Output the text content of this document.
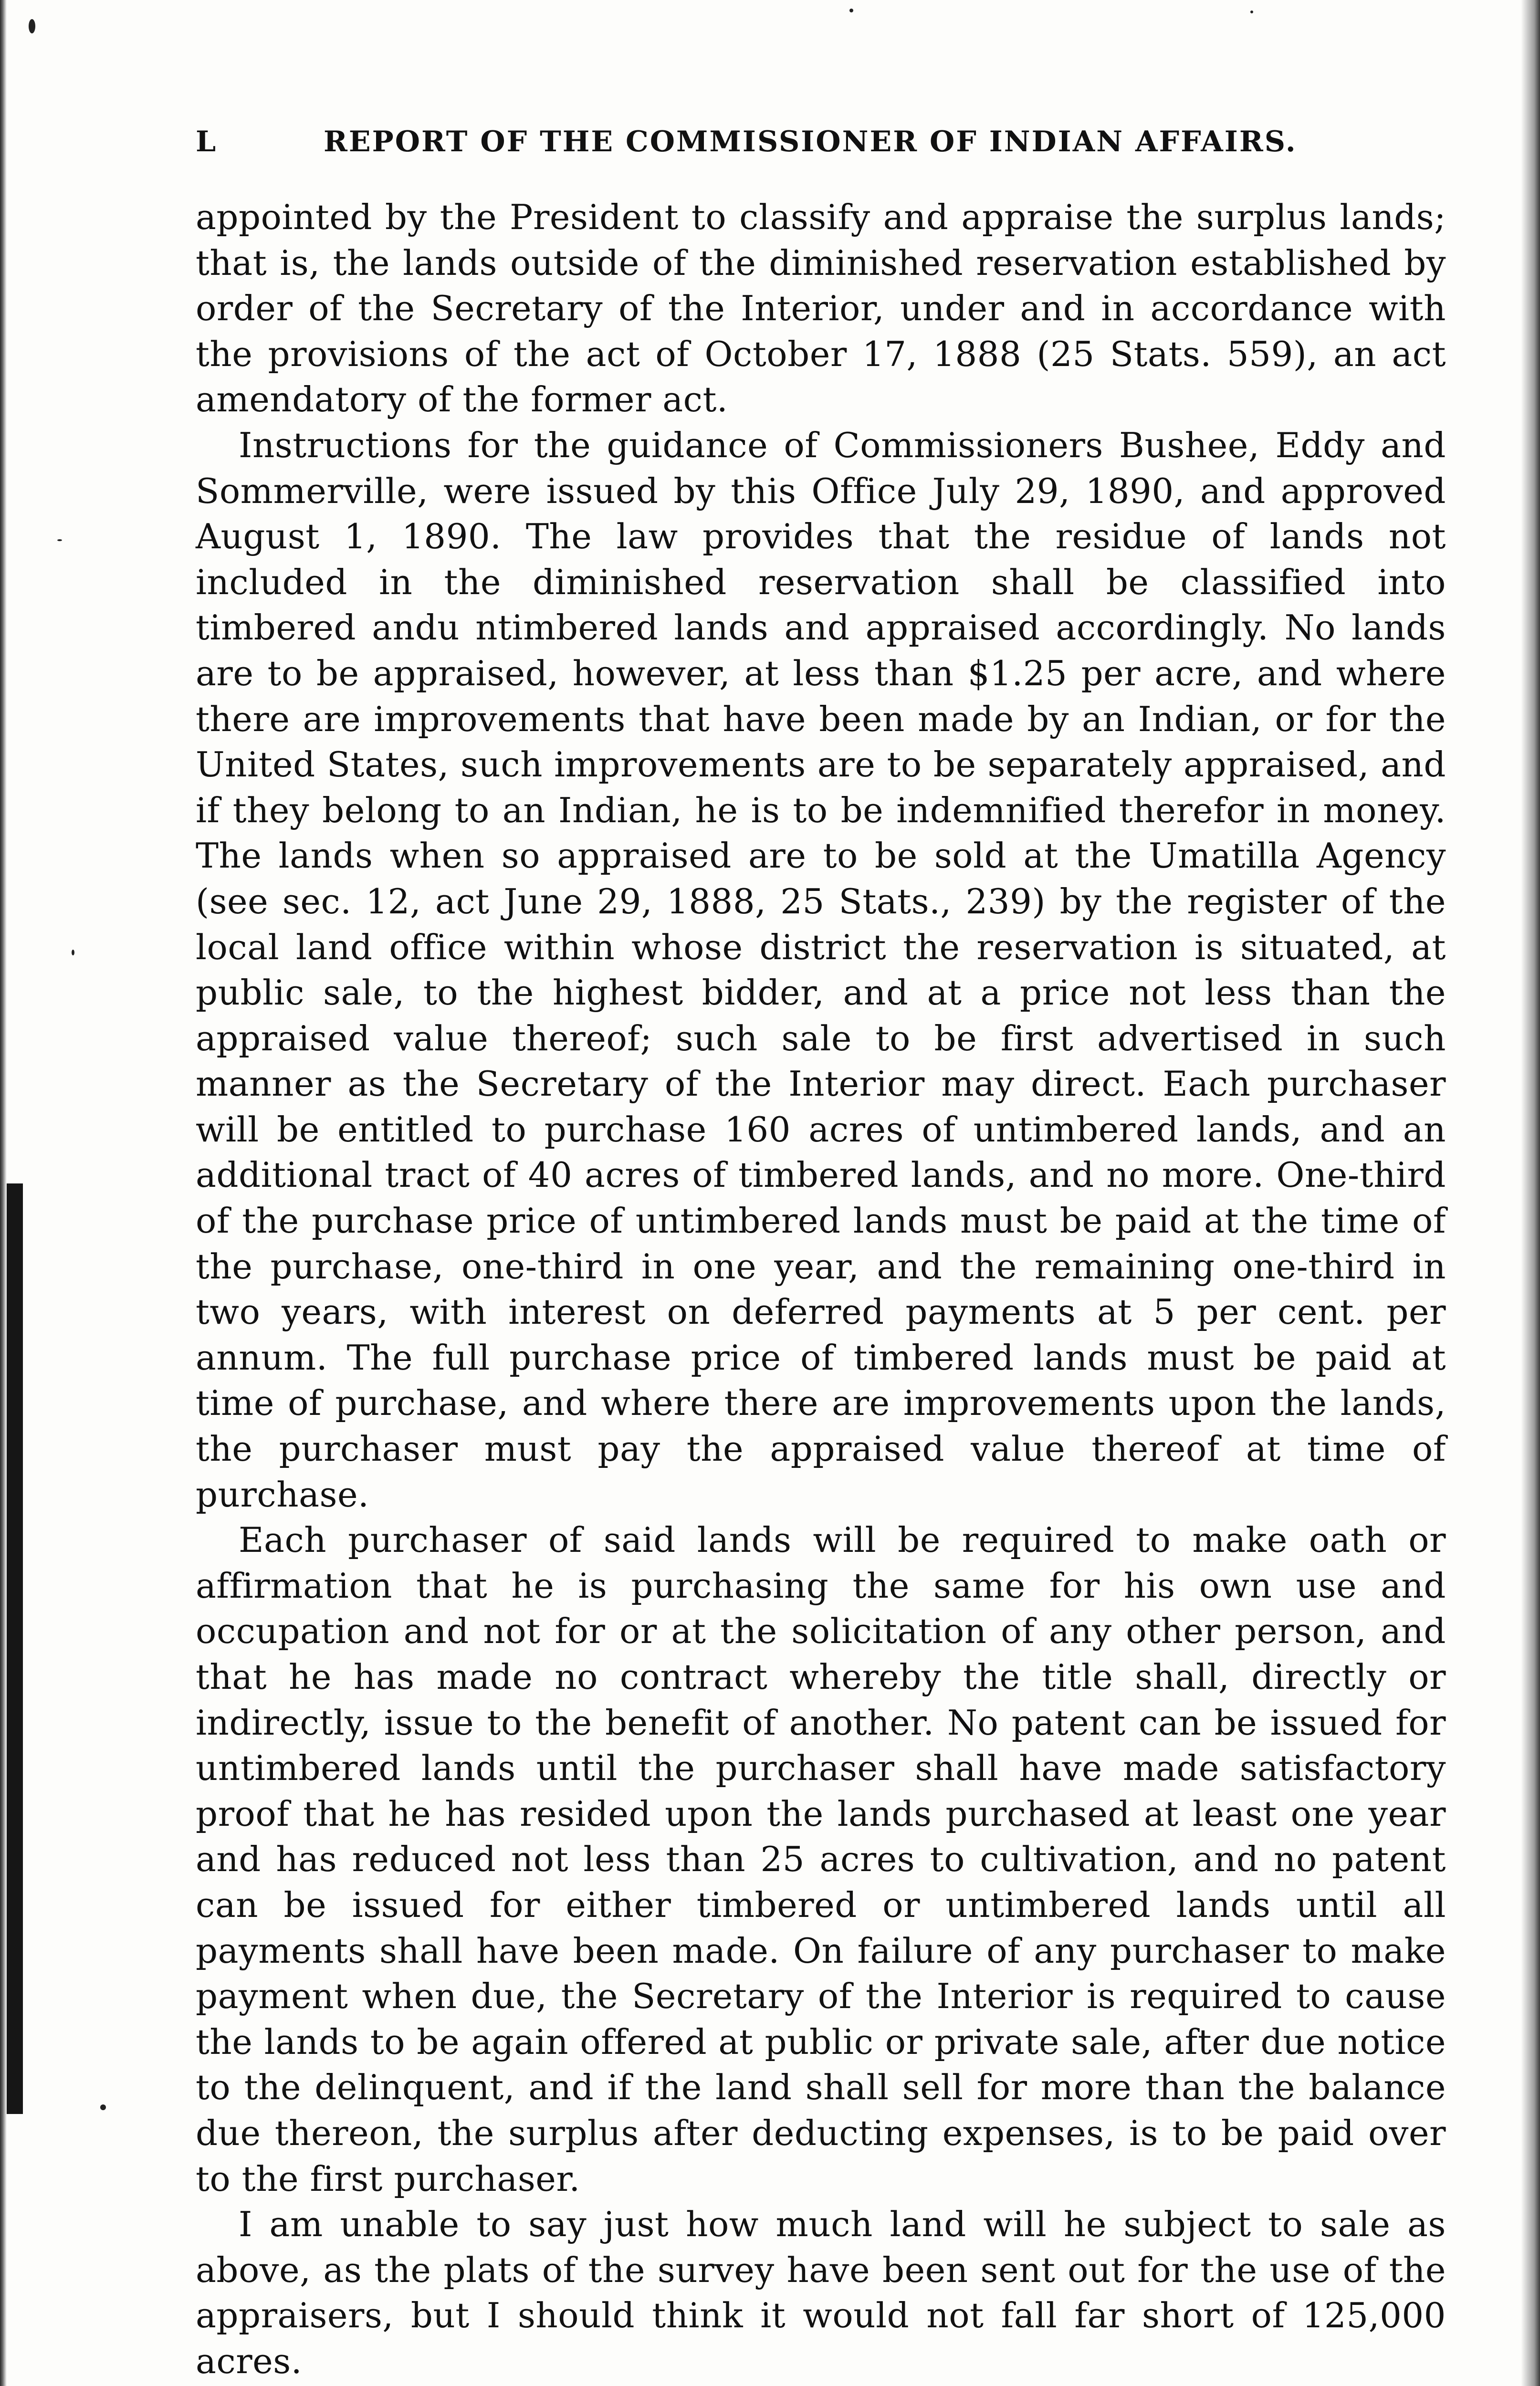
L	REPORT OF THE COMMISSIONER OF INDIAN AFFAIRS.

appointed by the President to classify and appraise the surplus lands; that is, the lands outside of the diminished reservation established by order of the Secretary of the Interior, under and in accordance with the provisions of the act of October 17, 1888 (25 Stats. 559), an act amendatory of the former act.

Instructions for the guidance of Commissioners Bushee, Eddy and Sommerville, were issued by this Office July 29, 1890, and approved August 1, 1890. The law provides that the residue of lands not included in the diminished reservation shall be classified into timbered andu ntimbered lands and appraised accordingly. No lands are to be appraised, however, at less than $1.25 per acre, and where there are improvements that have been made by an Indian, or for the United States, such improvements are to be separately appraised, and if they belong to an Indian, he is to be indemnified therefor in money. The lands when so appraised are to be sold at the Umatilla Agency (see sec. 12, act June 29, 1888, 25 Stats., 239) by the register of the local land office within whose district the reservation is situated, at public sale, to the highest bidder, and at a price not less than the appraised value thereof; such sale to be first advertised in such manner as the Secretary of the Interior may direct. Each purchaser will be entitled to purchase 160 acres of untimbered lands, and an additional tract of 40 acres of timbered lands, and no more. One-third of the purchase price of untimbered lands must be paid at the time of the purchase, one-third in one year, and the remaining one-third in two years, with interest on deferred payments at 5 per cent. per annum. The full purchase price of timbered lands must be paid at time of purchase, and where there are improvements upon the lands, the purchaser must pay the appraised value thereof at time of purchase.

Each purchaser of said lands will be required to make oath or affirmation that he is purchasing the same for his own use and occupation and not for or at the solicitation of any other person, and that he has made no contract whereby the title shall, directly or indirectly, issue to the benefit of another. No patent can be issued for untimbered lands until the purchaser shall have made satisfactory proof that he has resided upon the lands purchased at least one year and has reduced not less than 25 acres to cultivation, and no patent can be issued for either timbered or untimbered lands until all payments shall have been made. On failure of any purchaser to make payment when due, the Secretary of the Interior is required to cause the lands to be again offered at public or private sale, after due notice to the delinquent, and if the land shall sell for more than the balance due thereon, the surplus after deducting expenses, is to be paid over to the first purchaser.

I am unable to say just how much land will he subject to sale as above, as the plats of the survey have been sent out for the use of the appraisers, but I should think it would not fall far short of 125,000 acres.
